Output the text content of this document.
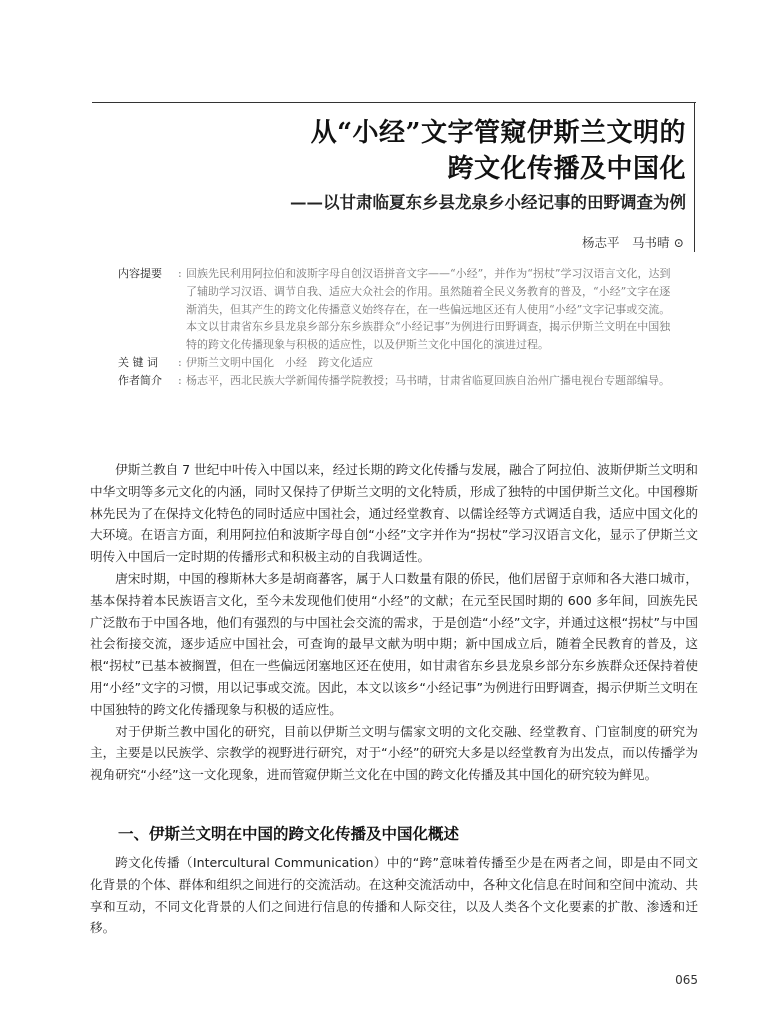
从“小经”文字管窥伊斯兰文明的
跨文化传播及中国化
——以甘肃临夏东乡县龙泉乡小经记事的田野调查为例
杨志平　马书晴 ⊙
内容提要	: 回族先民利用阿拉伯和波斯字母自创汉语拼音文字——“小经”，并作为“拐杖”学习汉语言文化，达到了辅助学习汉语、调节自我、适应大众社会的作用。虽然随着全民义务教育的普及，“小经”文字在逐渐消失，但其产生的跨文化传播意义始终存在，在一些偏远地区还有人使用“小经”文字记事或交流。本文以甘肃省东乡县龙泉乡部分东乡族群众“小经记事”为例进行田野调查，揭示伊斯兰文明在中国独特的跨文化传播现象与积极的适应性，以及伊斯兰文化中国化的演进过程。
关 键 词	: 伊斯兰文明中国化　小经　跨文化适应
作者简介	: 杨志平，西北民族大学新闻传播学院教授；马书晴，甘肃省临夏回族自治州广播电视台专题部编导。

伊斯兰教自 7 世纪中叶传入中国以来，经过长期的跨文化传播与发展，融合了阿拉伯、波斯伊斯兰文明和中华文明等多元文化的内涵，同时又保持了伊斯兰文明的文化特质，形成了独特的中国伊斯兰文化。中国穆斯林先民为了在保持文化特色的同时适应中国社会，通过经堂教育、以儒诠经等方式调适自我，适应中国文化的大环境。在语言方面，利用阿拉伯和波斯字母自创“小经”文字并作为“拐杖”学习汉语言文化，显示了伊斯兰文明传入中国后一定时期的传播形式和积极主动的自我调适性。

唐宋时期，中国的穆斯林大多是胡商蕃客，属于人口数量有限的侨民，他们居留于京师和各大港口城市，基本保持着本民族语言文化，至今未发现他们使用“小经”的文献；在元至民国时期的 600 多年间，回族先民广泛散布于中国各地，他们有强烈的与中国社会交流的需求，于是创造“小经”文字，并通过这根“拐杖”与中国社会衔接交流，逐步适应中国社会，可查询的最早文献为明中期；新中国成立后，随着全民教育的普及，这根“拐杖”已基本被搁置，但在一些偏远闭塞地区还在使用，如甘肃省东乡县龙泉乡部分东乡族群众还保持着使用“小经”文字的习惯，用以记事或交流。因此，本文以该乡“小经记事”为例进行田野调查，揭示伊斯兰文明在中国独特的跨文化传播现象与积极的适应性。

对于伊斯兰教中国化的研究，目前以伊斯兰文明与儒家文明的文化交融、经堂教育、门宦制度的研究为主，主要是以民族学、宗教学的视野进行研究，对于“小经”的研究大多是以经堂教育为出发点，而以传播学为视角研究“小经”这一文化现象，进而管窥伊斯兰文化在中国的跨文化传播及其中国化的研究较为鲜见。

一、伊斯兰文明在中国的跨文化传播及中国化概述

跨文化传播（Intercultural Communication）中的“跨”意味着传播至少是在两者之间，即是由不同文化背景的个体、群体和组织之间进行的交流活动。在这种交流活动中，各种文化信息在时间和空间中流动、共享和互动，不同文化背景的人们之间进行信息的传播和人际交往，以及人类各个文化要素的扩散、渗透和迁移。

065
